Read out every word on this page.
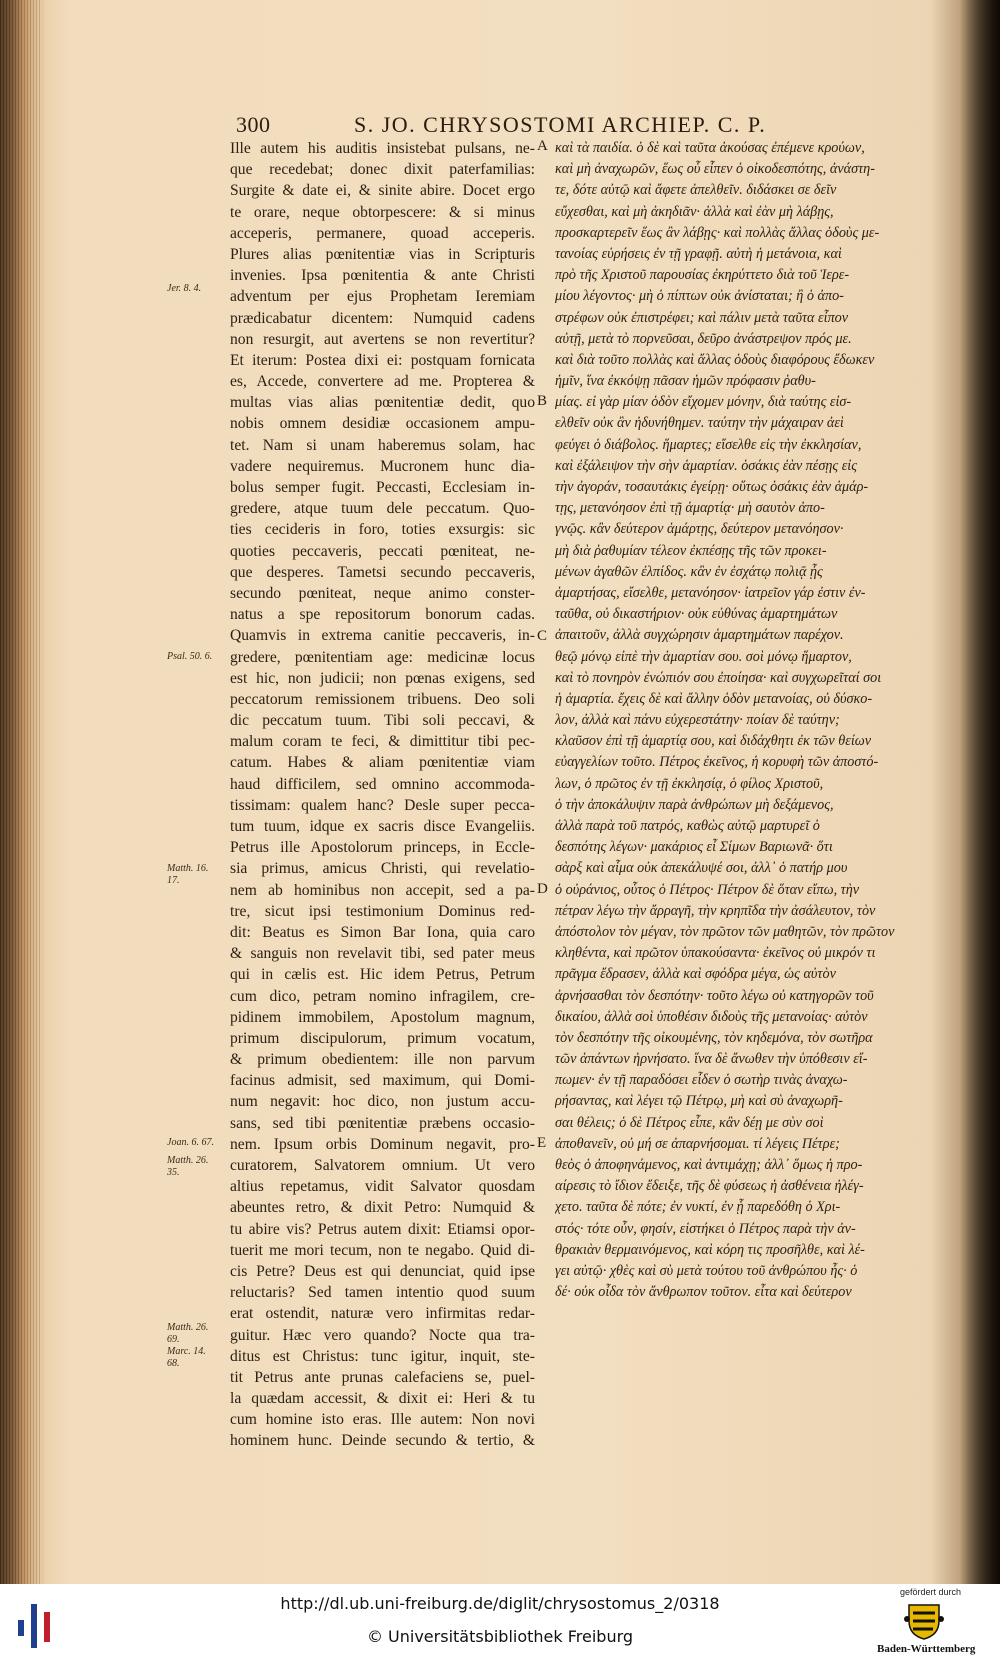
300	S. JO. CHRYSOSTOMI ARCHIEP. C. P.
Ille autem his auditis insistebat pulsans, ne-
que recedebat; donec dixit paterfamilias:
Surgite & date ei, & sinite abire. Docet ergo
te orare, neque obtorpescere: & si minus
acceperis, permanere, quoad acceperis.
Plures alias pœnitentiæ vias in Scripturis
invenies. Ipsa pœnitentia & ante Christi
adventum per ejus Prophetam Ieremiam
prædicabatur dicentem: Numquid cadens
non resurgit, aut avertens se non revertitur?
Et iterum: Postea dixi ei: postquam fornicata
es, Accede, convertere ad me. Propterea &
multas vias alias pœnitentiæ dedit, quo
nobis omnem desidiæ occasionem ampu-
tet. Nam si unam haberemus solam, hac
vadere nequiremus. Mucronem hunc dia-
bolus semper fugit. Peccasti, Ecclesiam in-
gredere, atque tuum dele peccatum. Quo-
ties cecideris in foro, toties exsurgis: sic
quoties peccaveris, peccati pœniteat, ne-
que desperes. Tametsi secundo peccaveris,
secundo pœniteat, neque animo conster-
natus a spe repositorum bonorum cadas.
Quamvis in extrema canitie peccaveris, in-
gredere, pœnitentiam age: medicinæ locus
est hic, non judicii; non pœnas exigens, sed
peccatorum remissionem tribuens. Deo soli
dic peccatum tuum. Tibi soli peccavi, &
malum coram te feci, & dimittitur tibi pec-
catum. Habes & aliam pœnitentiæ viam
haud difficilem, sed omnino accommoda-
tissimam: qualem hanc? Desle super pecca-
tum tuum, idque ex sacris disce Evangeliis.
Petrus ille Apostolorum princeps, in Eccle-
sia primus, amicus Christi, qui revelatio-
nem ab hominibus non accepit, sed a pa-
tre, sicut ipsi testimonium Dominus red-
dit: Beatus es Simon Bar Iona, quia caro
& sanguis non revelavit tibi, sed pater meus
qui in cælis est. Hic idem Petrus, Petrum
cum dico, petram nomino infragilem, cre-
pidinem immobilem, Apostolum magnum,
primum discipulorum, primum vocatum,
& primum obedientem: ille non parvum
facinus admisit, sed maximum, qui Domi-
num negavit: hoc dico, non justum accu-
sans, sed tibi pœnitentiæ præbens occasio-
nem. Ipsum orbis Dominum negavit, pro-
curatorem, Salvatorem omnium. Ut vero
altius repetamus, vidit Salvator quosdam
abeuntes retro, & dixit Petro: Numquid &
tu abire vis? Petrus autem dixit: Etiamsi opor-
tuerit me mori tecum, non te negabo. Quid di-
cis Petre? Deus est qui denunciat, quid ipse
reluctaris? Sed tamen intentio quod suum
erat ostendit, naturæ vero infirmitas redar-
guitur. Hæc vero quando? Nocte qua tra-
ditus est Christus: tunc igitur, inquit, ste-
tit Petrus ante prunas calefaciens se, puel-
la quædam accessit, & dixit ei: Heri & tu
cum homine isto eras. Ille autem: Non novi
hominem hunc. Deinde secundo & tertio, &
καὶ τὰ παιδία. ὁ δὲ καὶ ταῦτα ἀκούσας ἐπέμενε κρούων,
καὶ μὴ ἀναχωρῶν, ἕως οὗ εἶπεν ὁ οἰκοδεσπότης, ἀνάστη-
τε, δότε αὐτῷ καὶ ἄφετε ἀπελθεῖν. διδάσκει σε δεῖν
εὔχεσθαι, καὶ μὴ ἀκηδιᾶν· ἀλλὰ καὶ ἐὰν μὴ λάβῃς,
προσκαρτερεῖν ἕως ἂν λάβῃς· καὶ πολλὰς ἄλλας ὁδοὺς με-
τανοίας εὑρήσεις ἐν τῇ γραφῇ. αὐτὴ ἡ μετάνοια, καὶ
πρὸ τῆς Χριστοῦ παρουσίας ἐκηρύττετο διὰ τοῦ Ἱερε-
μίου λέγοντος· μὴ ὁ πίπτων οὐκ ἀνίσταται; ἢ ὁ ἀπο-
στρέφων οὐκ ἐπιστρέφει; καὶ πάλιν μετὰ ταῦτα εἶπον
αὐτῇ, μετὰ τὸ πορνεῦσαι, δεῦρο ἀνάστρεψον πρός με.
καὶ διὰ τοῦτο πολλὰς καὶ ἄλλας ὁδοὺς διαφόρους ἔδωκεν
ἡμῖν, ἵνα ἐκκόψῃ πᾶσαν ἡμῶν πρόφασιν ῥαθυ-
μίας. εἰ γὰρ μίαν ὁδὸν εἴχομεν μόνην, διὰ ταύτης εἰσ-
ελθεῖν οὐκ ἂν ἠδυνήθημεν. ταύτην τὴν μάχαιραν ἀεὶ
φεύγει ὁ διάβολος. ἥμαρτες; εἴσελθε εἰς τὴν ἐκκλησίαν,
καὶ ἐξάλειψον τὴν σὴν ἁμαρτίαν. ὁσάκις ἐὰν πέσῃς εἰς
τὴν ἀγοράν, τοσαυτάκις ἐγείρῃ· οὕτως ὁσάκις ἐὰν ἁμάρ-
τῃς, μετανόησον ἐπὶ τῇ ἁμαρτίᾳ· μὴ σαυτὸν ἀπο-
γνῷς. κἂν δεύτερον ἁμάρτῃς, δεύτερον μετανόησον·
μὴ διὰ ῥαθυμίαν τέλεον ἐκπέσῃς τῆς τῶν προκει-
μένων ἀγαθῶν ἐλπίδος. κἂν ἐν ἐσχάτῳ πολιᾷ ᾖς
ἁμαρτήσας, εἴσελθε, μετανόησον· ἰατρεῖον γάρ ἐστιν ἐν-
ταῦθα, οὐ δικαστήριον· οὐκ εὐθύνας ἁμαρτημάτων
ἀπαιτοῦν, ἀλλὰ συγχώρησιν ἁμαρτημάτων παρέχον.
θεῷ μόνῳ εἰπὲ τὴν ἁμαρτίαν σου. σοὶ μόνῳ ἥμαρτον,
καὶ τὸ πονηρὸν ἐνώπιόν σου ἐποίησα· καὶ συγχωρεῖταί σοι
ἡ ἁμαρτία. ἔχεις δὲ καὶ ἄλλην ὁδὸν μετανοίας, οὐ δύσκο-
λον, ἀλλὰ καὶ πάνυ εὐχερεστάτην· ποίαν δὲ ταύτην;
κλαῦσον ἐπὶ τῇ ἁμαρτίᾳ σου, καὶ διδάχθητι ἐκ τῶν θείων
εὐαγγελίων τοῦτο. Πέτρος ἐκεῖνος, ἡ κορυφὴ τῶν ἀποστό-
λων, ὁ πρῶτος ἐν τῇ ἐκκλησίᾳ, ὁ φίλος Χριστοῦ,
ὁ τὴν ἀποκάλυψιν παρὰ ἀνθρώπων μὴ δεξάμενος,
ἀλλὰ παρὰ τοῦ πατρός, καθὼς αὐτῷ μαρτυρεῖ ὁ
δεσπότης λέγων· μακάριος εἶ Σίμων Βαριωνᾶ· ὅτι
σὰρξ καὶ αἷμα οὐκ ἀπεκάλυψέ σοι, ἀλλ᾽ ὁ πατήρ μου
ὁ οὐράνιος, οὗτος ὁ Πέτρος· Πέτρον δὲ ὅταν εἴπω, τὴν
πέτραν λέγω τὴν ἄρραγῆ, τὴν κρηπῖδα τὴν ἀσάλευτον, τὸν
ἀπόστολον τὸν μέγαν, τὸν πρῶτον τῶν μαθητῶν, τὸν πρῶτον
κληθέντα, καὶ πρῶτον ὑπακούσαντα· ἐκεῖνος οὐ μικρόν τι
πρᾶγμα ἔδρασεν, ἀλλὰ καὶ σφόδρα μέγα, ὡς αὐτὸν
ἀρνήσασθαι τὸν δεσπότην· τοῦτο λέγω οὐ κατηγορῶν τοῦ
δικαίου, ἀλλὰ σοὶ ὑποθέσιν διδοὺς τῆς μετανοίας· αὐτὸν
τὸν δεσπότην τῆς οἰκουμένης, τὸν κηδεμόνα, τὸν σωτῆρα
τῶν ἁπάντων ἠρνήσατο. ἵνα δὲ ἄνωθεν τὴν ὑπόθεσιν εἴ-
πωμεν· ἐν τῇ παραδόσει εἶδεν ὁ σωτὴρ τινὰς ἀναχω-
ρήσαντας, καὶ λέγει τῷ Πέτρῳ, μὴ καὶ σὺ ἀναχωρῆ-
σαι θέλεις; ὁ δὲ Πέτρος εἶπε, κἂν δέῃ με σὺν σοὶ
ἀποθανεῖν, οὐ μή σε ἀπαρνήσομαι. τί λέγεις Πέτρε;
θεὸς ὁ ἀποφηνάμενος, καὶ ἀντιμάχῃ; ἀλλ᾽ ὅμως ἡ προ-
αίρεσις τὸ ἴδιον ἔδειξε, τῆς δὲ φύσεως ἡ ἀσθένεια ἠλέγ-
χετο. ταῦτα δὲ πότε; ἐν νυκτί, ἐν ᾗ παρεδόθη ὁ Χρι-
στός· τότε οὖν, φησίν, εἱστήκει ὁ Πέτρος παρὰ τὴν ἀν-
θρακιὰν θερμαινόμενος, καὶ κόρη τις προσῆλθε, καὶ λέ-
γει αὐτῷ· χθὲς καὶ σὺ μετὰ τούτου τοῦ ἀνθρώπου ἦς· ὁ
δέ· οὐκ οἶδα τὸν ἄνθρωπον τοῦτον. εἶτα καὶ δεύτερον
Jer. 8. 4.
Psal. 50. 6.
Matth. 16.
17.
Joan. 6. 67.
Matth. 26.
35.
Matth. 26.
69.
Marc. 14.
68.
A
B
C
D
E
http://dl.ub.uni-freiburg.de/diglit/chrysostomus_2/0318
© Universitätsbibliothek Freiburg
gefördert durch
Baden-Württemberg
